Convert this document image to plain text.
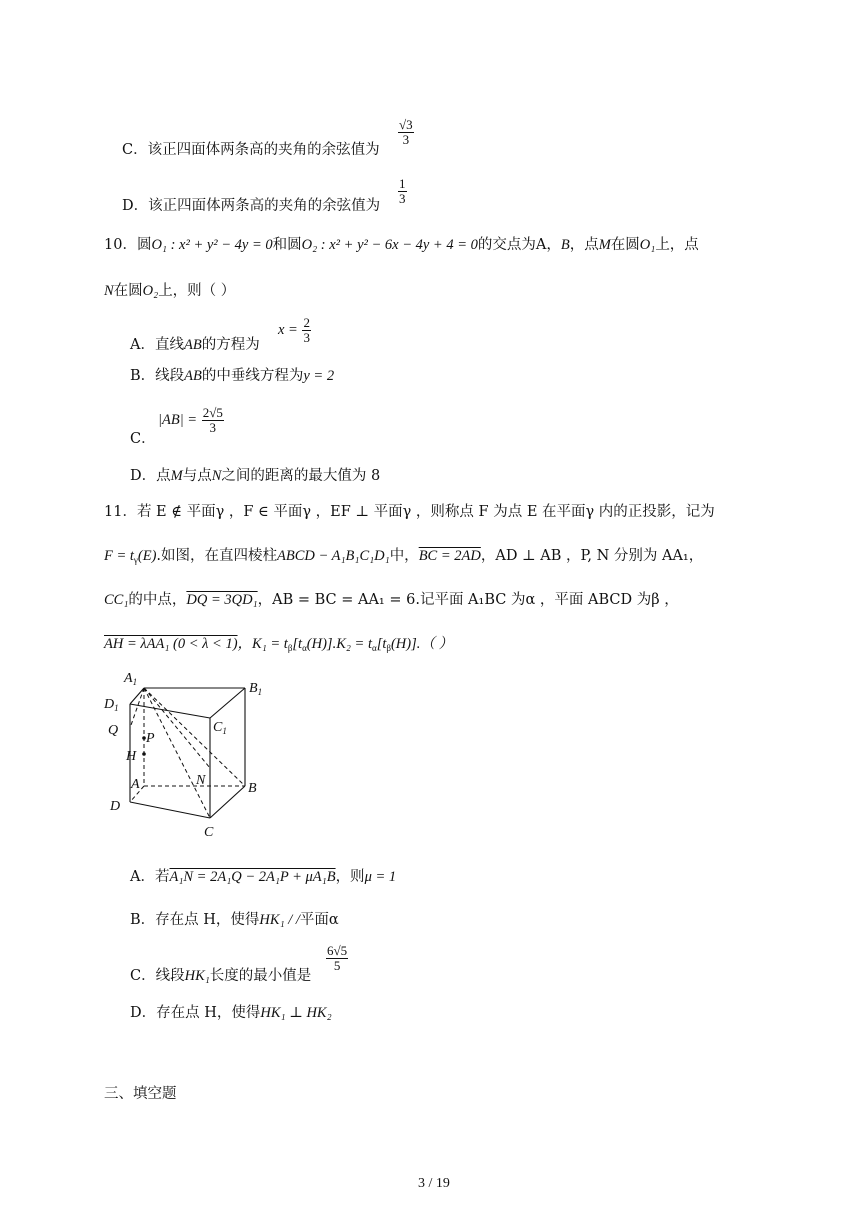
C．该正四面体两条高的夹角的余弦值为
$\frac{√3}{3}$
D．该正四面体两条高的夹角的余弦值为
$\frac{1}{3}$
10．圆O₁ : x² + y² − 4y = 0和圆O₂ : x² + y² − 6x − 4y + 4 = 0的交点为A，B，点M在圆O₁上，点
N在圆O₂上，则（ ）
A．直线AB的方程为
$x = \frac{2}{3}$
B．线段AB的中垂线方程为y = 2
C．
$|AB| = \frac{2√5}{3}$
D．点M与点N之间的距离的最大值为 8
11．若 E ∉ 平面γ ，F ∈ 平面γ ，EF ⊥ 平面γ ，则称点 F 为点 E 在平面γ 内的正投影，记为
$F = t_\gamma(E)$.如图，在直四棱柱ABCD − A₁B₁C₁D₁中，BC = 2AD，AD ⊥ AB ，P, N 分别为 AA₁，
CC₁的中点，DQ = 3QD₁，AB = BC = AA₁ = 6.记平面 A₁BC 为α ，平面 ABCD 为β ，
AH = λAA₁ (0 < λ < 1)，$K_1 = t_\beta[t_\alpha(H)].K_2 = t_\alpha[t_\beta(H)]$.（ ）
$A_1$	$B_1$
$D_1$
$C_1$
Q
P
H
A	N
B
D
C
A．若A₁N = 2A₁Q − 2A₁P + μA₁B，则μ = 1
B．存在点 H，使得HK₁ / /平面α
C．线段HK₁长度的最小值是
$\frac{6√5}{5}$
D．存在点 H，使得HK₁ ⊥ HK₂
三、填空题
3 / 19
